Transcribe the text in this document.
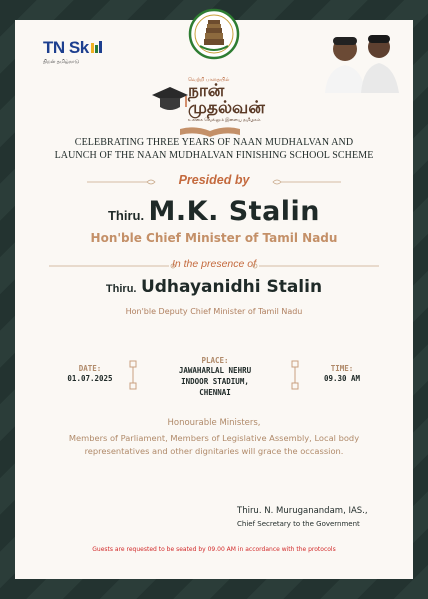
TN Sk
திறன் தமிழ்நாடு
வெற்றி பாதையில்
நான் முதல்வன்
உலகை வெல்லும் இளைய தமிழகம்
CELEBRATING THREE YEARS OF NAAN MUDHALVAN AND
LAUNCH OF THE NAAN MUDHALVAN FINISHING SCHOOL SCHEME
Presided by
Thiru. M.K. Stalin
Hon'ble Chief Minister of Tamil Nadu
In the presence of
Thiru. Udhayanidhi Stalin
Hon'ble Deputy Chief Minister of Tamil Nadu
DATE:
01.07.2025
PLACE:
JAWAHARLAL NEHRU
INDOOR STADIUM,
CHENNAI
TIME:
09.30 AM
Honourable Ministers,
Members of Parliament, Members of Legislative Assembly, Local body representatives and other dignitaries will grace the occassion.
Thiru. N. Muruganandam, IAS.,
Chief Secretary to the Government
Guests are requested to be seated by 09.00 AM in accordance with the protocols
